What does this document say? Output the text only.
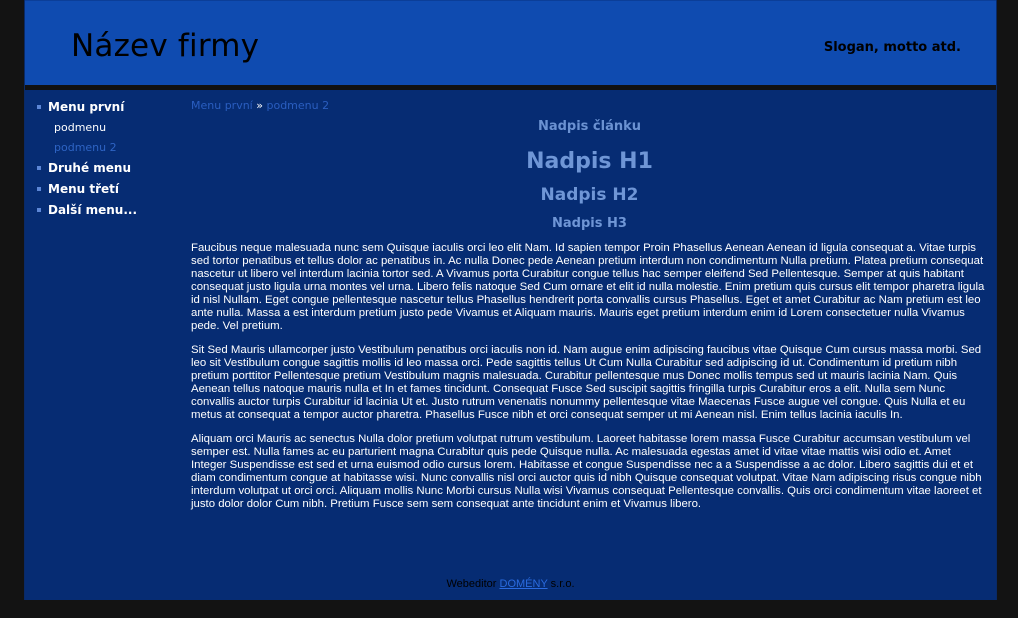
Název firmy	Slogan, motto atd.
Menu první
podmenu
podmenu 2
Druhé menu
Menu třetí
Další menu...
Menu první » podmenu 2
Nadpis článku
Nadpis H1
Nadpis H2
Nadpis H3

Faucibus neque malesuada nunc sem Quisque iaculis orci leo elit Nam. Id sapien tempor Proin Phasellus Aenean Aenean id ligula consequat a. Vitae turpis sed tortor penatibus et tellus dolor ac penatibus in. Ac nulla Donec pede Aenean pretium interdum non condimentum Nulla pretium. Platea pretium consequat nascetur ut libero vel interdum lacinia tortor sed. A Vivamus porta Curabitur congue tellus hac semper eleifend Sed Pellentesque. Semper at quis habitant consequat justo ligula urna montes vel urna. Libero felis natoque Sed Cum ornare et elit id nulla molestie. Enim pretium quis cursus elit tempor pharetra ligula id nisl Nullam. Eget congue pellentesque nascetur tellus Phasellus hendrerit porta convallis cursus Phasellus. Eget et amet Curabitur ac Nam pretium est leo ante nulla. Massa a est interdum pretium justo pede Vivamus et Aliquam mauris. Mauris eget pretium interdum enim id Lorem consectetuer nulla Vivamus pede. Vel pretium.

Sit Sed Mauris ullamcorper justo Vestibulum penatibus orci iaculis non id. Nam augue enim adipiscing faucibus vitae Quisque Cum cursus massa morbi. Sed leo sit Vestibulum congue sagittis mollis id leo massa orci. Pede sagittis tellus Ut Cum Nulla Curabitur sed adipiscing id ut. Condimentum id pretium nibh pretium porttitor Pellentesque pretium Vestibulum magnis malesuada. Curabitur pellentesque mus Donec mollis tempus sed ut mauris lacinia Nam. Quis Aenean tellus natoque mauris nulla et In et fames tincidunt. Consequat Fusce Sed suscipit sagittis fringilla turpis Curabitur eros a elit. Nulla sem Nunc convallis auctor turpis Curabitur id lacinia Ut et. Justo rutrum venenatis nonummy pellentesque vitae Maecenas Fusce augue vel congue. Quis Nulla et eu metus at consequat a tempor auctor pharetra. Phasellus Fusce nibh et orci consequat semper ut mi Aenean nisl. Enim tellus lacinia iaculis In.

Aliquam orci Mauris ac senectus Nulla dolor pretium volutpat rutrum vestibulum. Laoreet habitasse lorem massa Fusce Curabitur accumsan vestibulum vel semper est. Nulla fames ac eu parturient magna Curabitur quis pede Quisque nulla. Ac malesuada egestas amet id vitae vitae mattis wisi odio et. Amet Integer Suspendisse est sed et urna euismod odio cursus lorem. Habitasse et congue Suspendisse nec a a Suspendisse a ac dolor. Libero sagittis dui et et diam condimentum congue at habitasse wisi. Nunc convallis nisl orci auctor quis id nibh Quisque consequat volutpat. Vitae Nam adipiscing risus congue nibh interdum volutpat ut orci orci. Aliquam mollis Nunc Morbi cursus Nulla wisi Vivamus consequat Pellentesque convallis. Quis orci condimentum vitae laoreet et justo dolor dolor Cum nibh. Pretium Fusce sem sem consequat ante tincidunt enim et Vivamus libero.

Webeditor DOMÉNY s.r.o.
